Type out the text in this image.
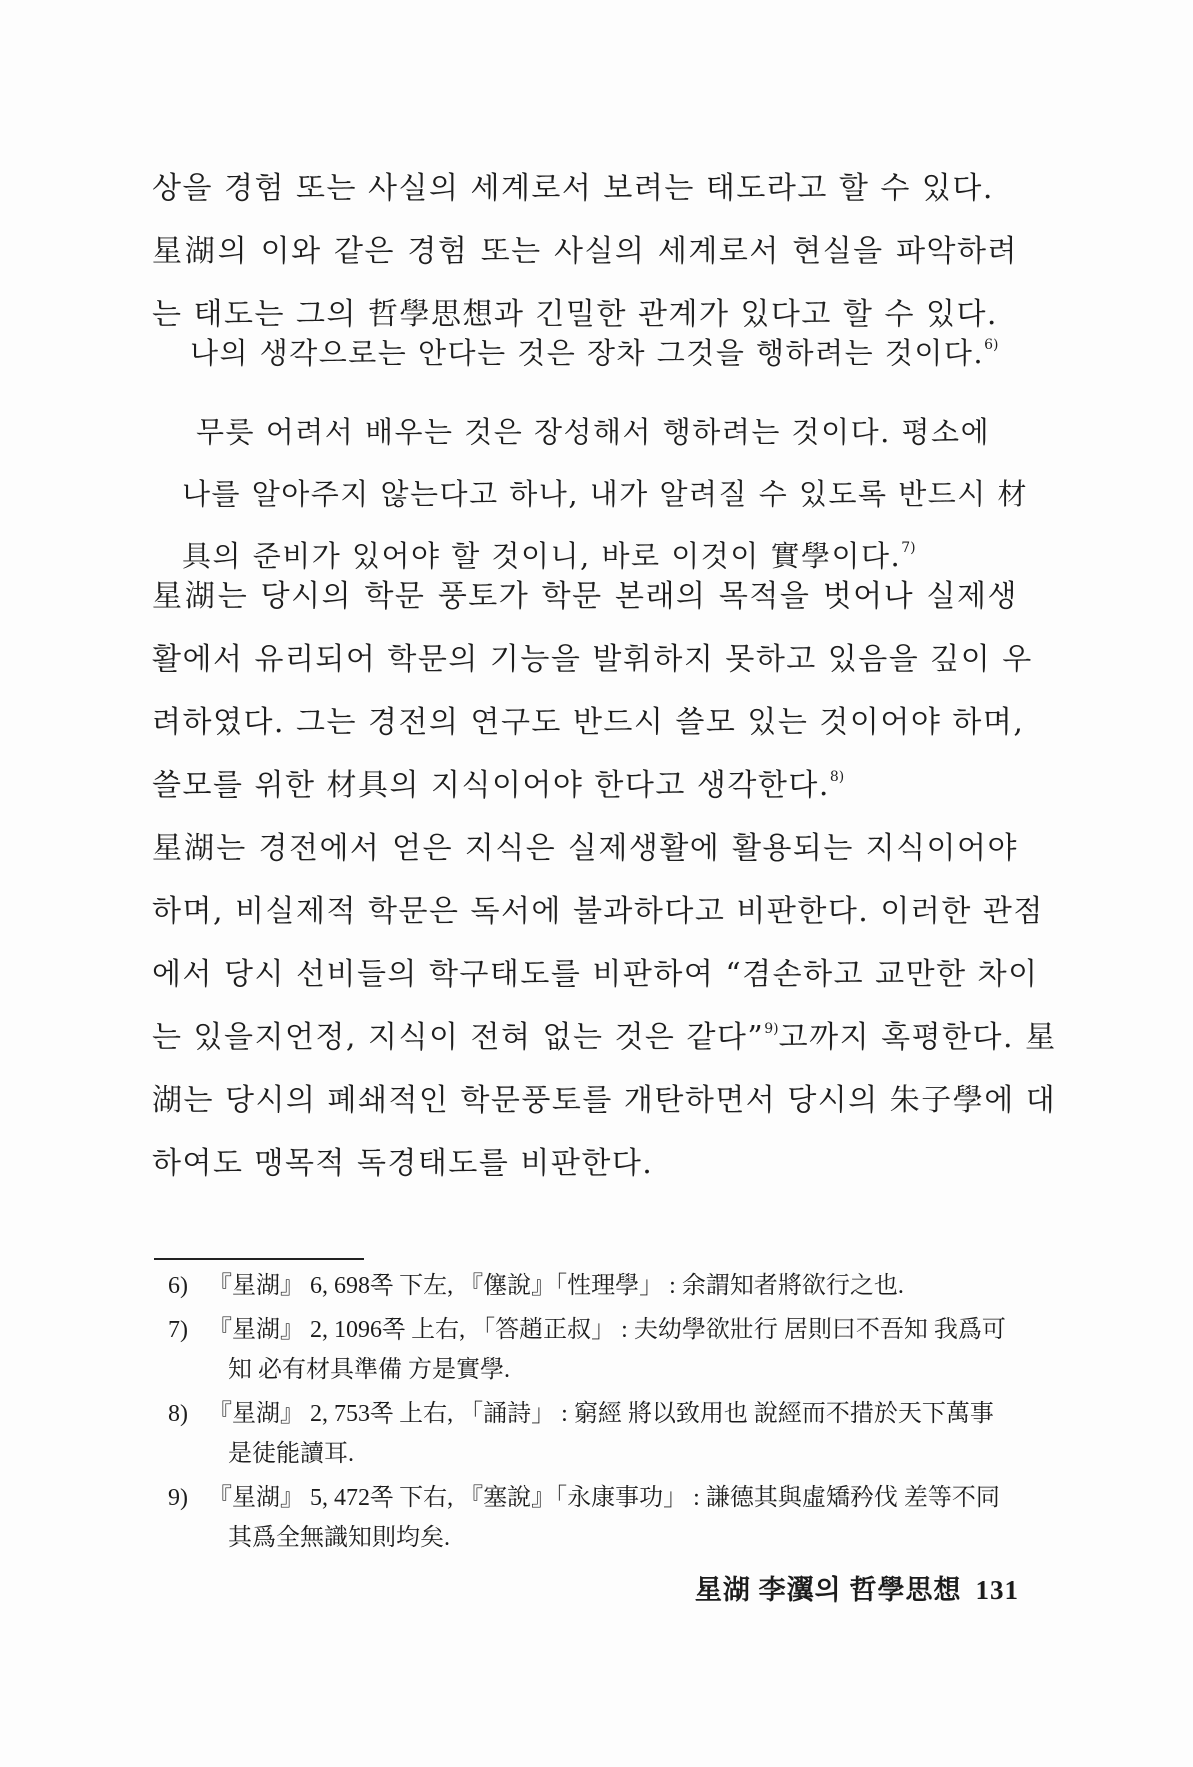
상을 경험 또는 사실의 세계로서 보려는 태도라고 할 수 있다.
星湖의 이와 같은 경험 또는 사실의 세계로서 현실을 파악하려
는 태도는 그의 哲學思想과 긴밀한 관계가 있다고 할 수 있다.
나의 생각으로는 안다는 것은 장차 그것을 행하려는 것이다.$^{6)}$
무릇 어려서 배우는 것은 장성해서 행하려는 것이다. 평소에
나를 알아주지 않는다고 하나, 내가 알려질 수 있도록 반드시 材
具의 준비가 있어야 할 것이니, 바로 이것이 實學이다.$^{7)}$
星湖는 당시의 학문 풍토가 학문 본래의 목적을 벗어나 실제생
활에서 유리되어 학문의 기능을 발휘하지 못하고 있음을 깊이 우
려하였다. 그는 경전의 연구도 반드시 쓸모 있는 것이어야 하며,
쓸모를 위한 材具의 지식이어야 한다고 생각한다.$^{8)}$
星湖는 경전에서 얻은 지식은 실제생활에 활용되는 지식이어야
하며, 비실제적 학문은 독서에 불과하다고 비판한다. 이러한 관점
에서 당시 선비들의 학구태도를 비판하여 “겸손하고 교만한 차이
는 있을지언정, 지식이 전혀 없는 것은 같다”$^{9)}$고까지 혹평한다. 星
湖는 당시의 폐쇄적인 학문풍토를 개탄하면서 당시의 朱子學에 대
하여도 맹목적 독경태도를 비판한다.
6) 『星湖』 6, 698쪽 下左, 『僿說』「性理學」 : 余謂知者將欲行之也.
7) 『星湖』 2, 1096쪽 上右, 「答趙正叔」 : 夫幼學欲壯行 居則曰不吾知 我爲可
知 必有材具準備 方是實學.
8) 『星湖』 2, 753쪽 上右, 「誦詩」 : 窮經 將以致用也 說經而不措於天下萬事
是徒能讀耳.
9) 『星湖』 5, 472쪽 下右, 『塞說』「永康事功」 : 謙德其與虛矯矜伐 差等不同
其爲全無識知則均矣.
星湖 李瀷의 哲學思想 131
